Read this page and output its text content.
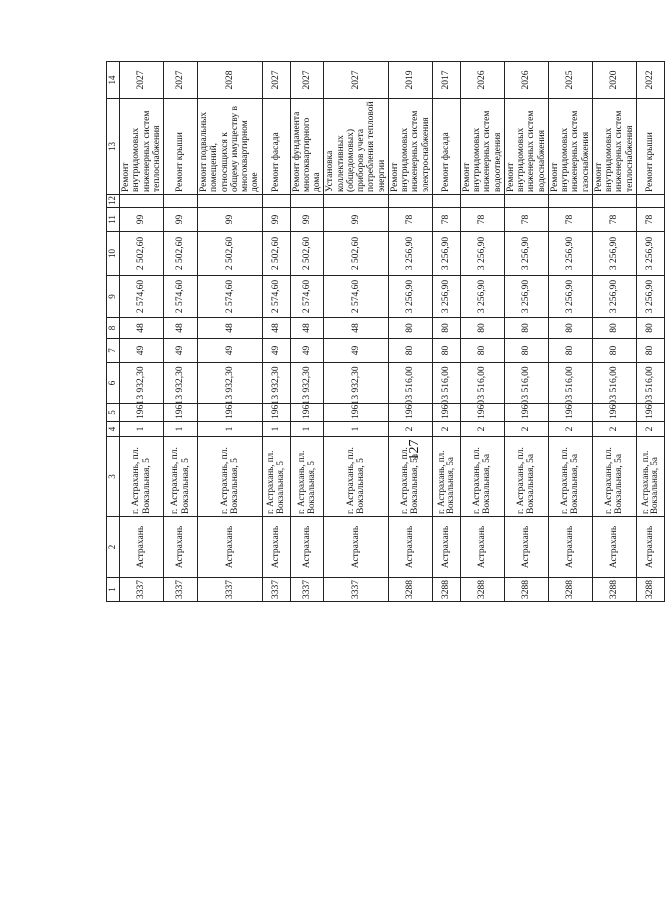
127
1	2	3	4	5	6	7	8	9	10	11	12	13	14
3337	Астрахань	г. Астрахань, пл. Вокзальная, 5	1	1961	3 932,30	49	48	2 574,60	2 502,60	99		Ремонт внутридомовых инженерных систем теплоснабжения	2027
3337	Астрахань	г. Астрахань, пл. Вокзальная, 5	1	1961	3 932,30	49	48	2 574,60	2 502,60	99		Ремонт крыши	2027
3337	Астрахань	г. Астрахань, пл. Вокзальная, 5	1	1961	3 932,30	49	48	2 574,60	2 502,60	99		Ремонт подвальных помещений, относящихся к общему имуществу в многоквартирном доме	2028
3337	Астрахань	г. Астрахань, пл. Вокзальная, 5	1	1961	3 932,30	49	48	2 574,60	2 502,60	99		Ремонт фасада	2027
3337	Астрахань	г. Астрахань, пл. Вокзальная, 5	1	1961	3 932,30	49	48	2 574,60	2 502,60	99		Ремонт фундамента многоквартирного дома	2027
3337	Астрахань	г. Астрахань, пл. Вокзальная, 5	1	1961	3 932,30	49	48	2 574,60	2 502,60	99		Установка коллективных (общедомовых) приборов учета потребления тепловой энергии	2027
3288	Астрахань	г. Астрахань, пл. Вокзальная, 5а	2	1960	3 516,00	80	80	3 256,90	3 256,90	78		Ремонт внутридомовых инженерных систем электроснабжения	2019
3288	Астрахань	г. Астрахань, пл. Вокзальная, 5а	2	1960	3 516,00	80	80	3 256,90	3 256,90	78		Ремонт фасада	2017
3288	Астрахань	г. Астрахань, пл. Вокзальная, 5а	2	1960	3 516,00	80	80	3 256,90	3 256,90	78		Ремонт внутридомовых инженерных систем водоотведения	2026
3288	Астрахань	г. Астрахань, пл. Вокзальная, 5а	2	1960	3 516,00	80	80	3 256,90	3 256,90	78		Ремонт внутридомовых инженерных систем водоснабжения	2026
3288	Астрахань	г. Астрахань, пл. Вокзальная, 5а	2	1960	3 516,00	80	80	3 256,90	3 256,90	78		Ремонт внутридомовых инженерных систем газоснабжения	2025
3288	Астрахань	г. Астрахань, пл. Вокзальная, 5а	2	1960	3 516,00	80	80	3 256,90	3 256,90	78		Ремонт внутридомовых инженерных систем теплоснабжения	2020
3288	Астрахань	г. Астрахань, пл. Вокзальная, 5а	2	1960	3 516,00	80	80	3 256,90	3 256,90	78		Ремонт крыши	2022
